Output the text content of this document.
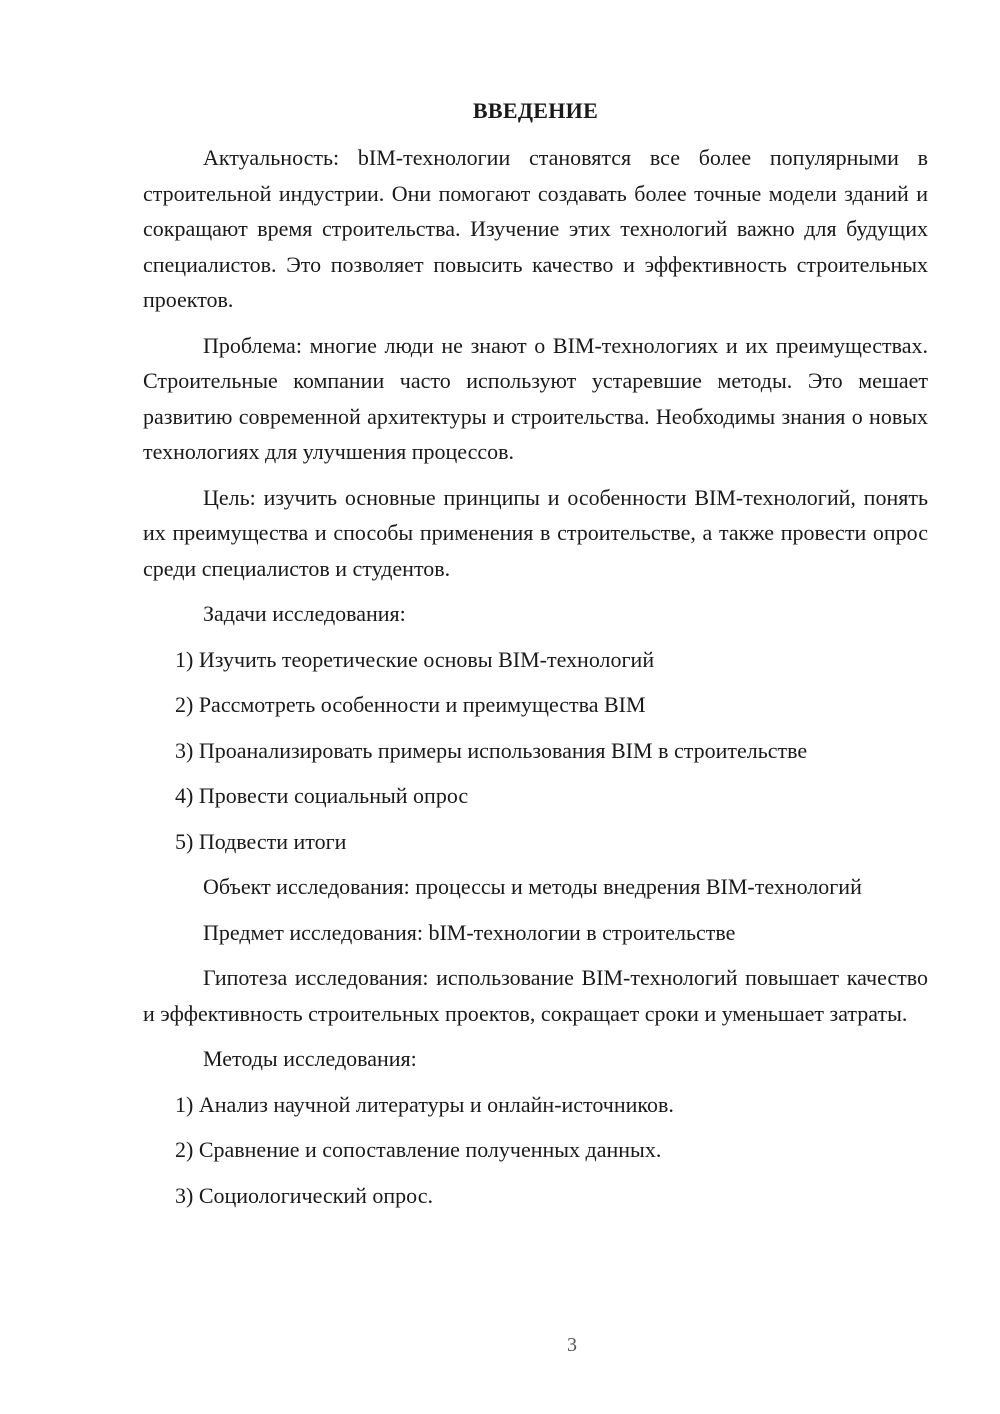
ВВЕДЕНИЕ

Актуальность: bIM-технологии становятся все более популярными в строительной индустрии. Они помогают создавать более точные модели зданий и сокращают время строительства. Изучение этих технологий важно для будущих специалистов. Это позволяет повысить качество и эффективность строительных проектов.

Проблема: многие люди не знают о BIM-технологиях и их преимуществах. Строительные компании часто используют устаревшие методы. Это мешает развитию современной архитектуры и строительства. Необходимы знания о новых технологиях для улучшения процессов.

Цель: изучить основные принципы и особенности BIM-технологий, понять их преимущества и способы применения в строительстве, а также провести опрос среди специалистов и студентов.

Задачи исследования:

1) Изучить теоретические основы BIM-технологий
2) Рассмотреть особенности и преимущества BIM
3) Проанализировать примеры использования BIM в строительстве
4) Провести социальный опрос
5) Подвести итоги

Объект исследования: процессы и методы внедрения BIM-технологий

Предмет исследования: bIM-технологии в строительстве

Гипотеза исследования: использование BIM-технологий повышает качество и эффективность строительных проектов, сокращает сроки и уменьшает затраты.

Методы исследования:

1) Анализ научной литературы и онлайн-источников.
2) Сравнение и сопоставление полученных данных.
3) Социологический опрос.
3
